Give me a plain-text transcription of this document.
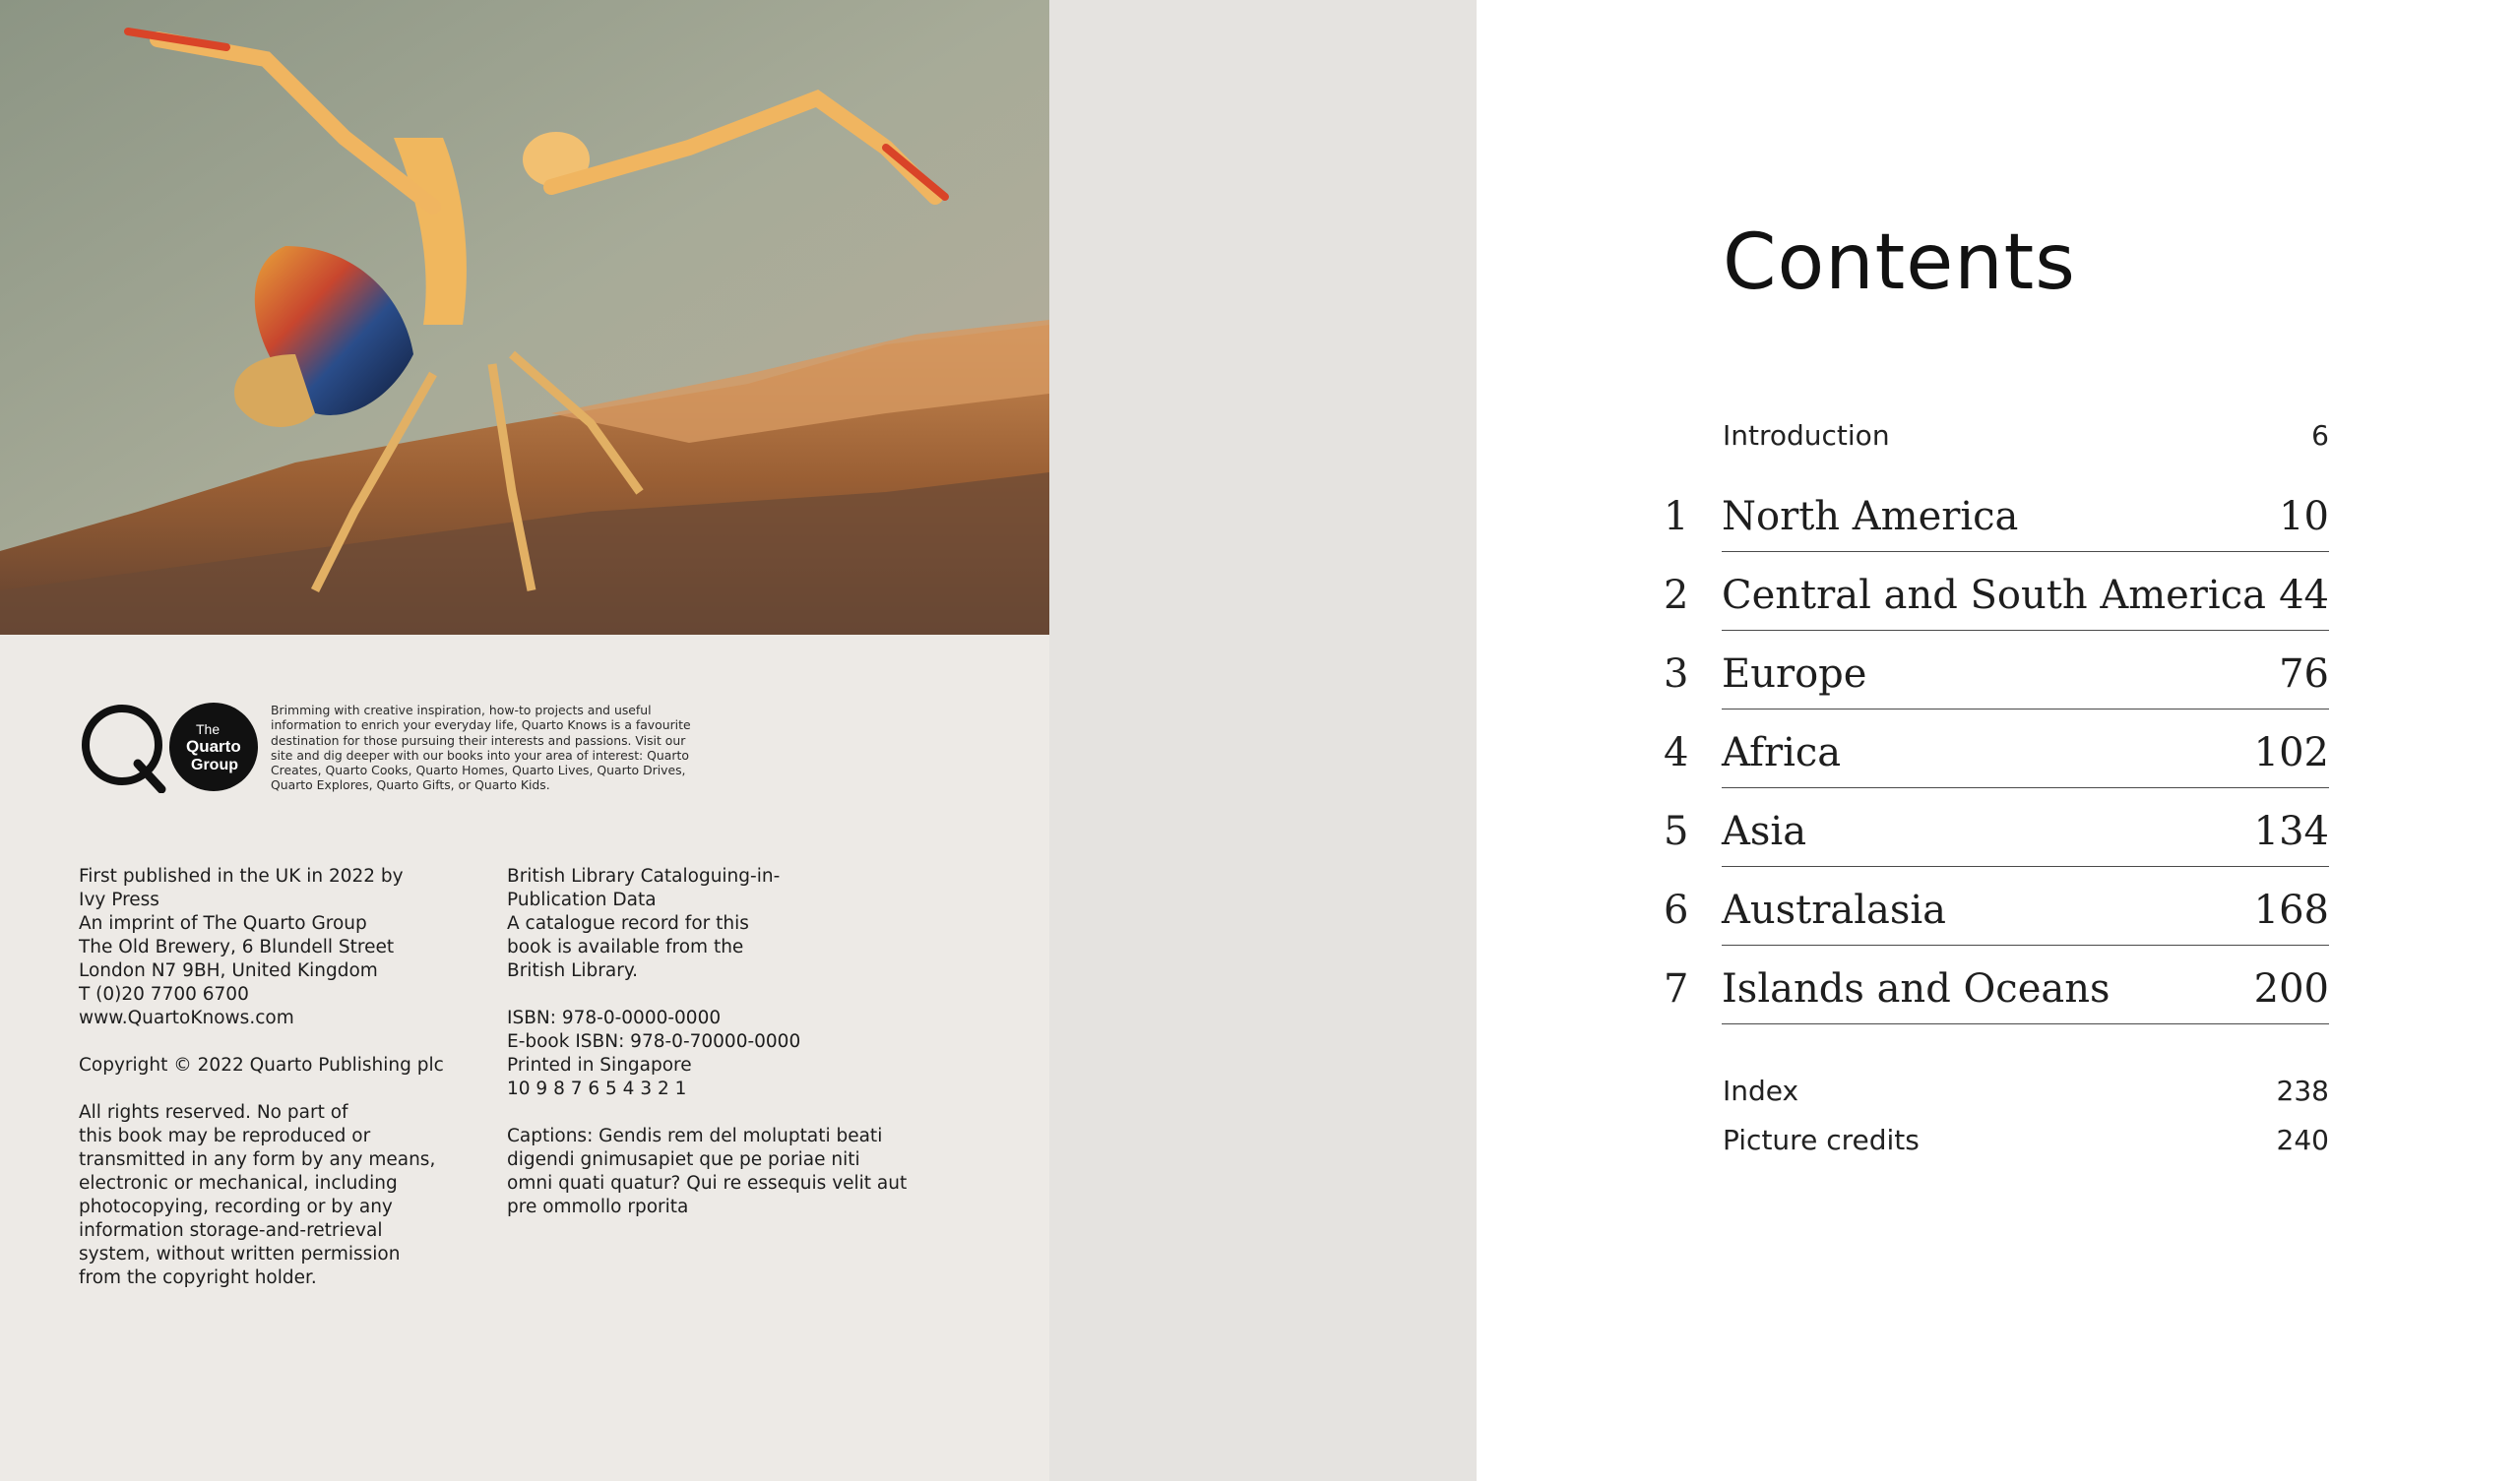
The
Quarto
Group
Brimming with creative inspiration, how-to projects and useful information to enrich your everyday life, Quarto Knows is a favourite destination for those pursuing their interests and passions. Visit our site and dig deeper with our books into your area of interest: Quarto Creates, Quarto Cooks, Quarto Homes, Quarto Lives, Quarto Drives, Quarto Explores, Quarto Gifts, or Quarto Kids.

First published in the UK in 2022 by
Ivy Press
An imprint of The Quarto Group
The Old Brewery, 6 Blundell Street
London N7 9BH, United Kingdom
T (0)20 7700 6700
www.QuartoKnows.com

Copyright © 2022 Quarto Publishing plc

All rights reserved. No part of
this book may be reproduced or
transmitted in any form by any means,
electronic or mechanical, including
photocopying, recording or by any
information storage-and-retrieval
system, without written permission
from the copyright holder.

British Library Cataloguing-in-
Publication Data
A catalogue record for this
book is available from the
British Library.

ISBN: 978-0-0000-0000
E-book ISBN: 978-0-70000-0000
Printed in Singapore
10 9 8 7 6 5 4 3 2 1

Captions: Gendis rem del moluptati beati
digendi gnimusapiet que pe poriae niti
omni quati quatur? Qui re essequis velit aut
pre ommollo rporita

Contents
Introduction	6
1 North America	10
2 Central and South America 44
3 Europe	76
4 Africa	102
5 Asia	134
6 Australasia	168
7 Islands and Oceans	200
Index	238
Picture credits	240
